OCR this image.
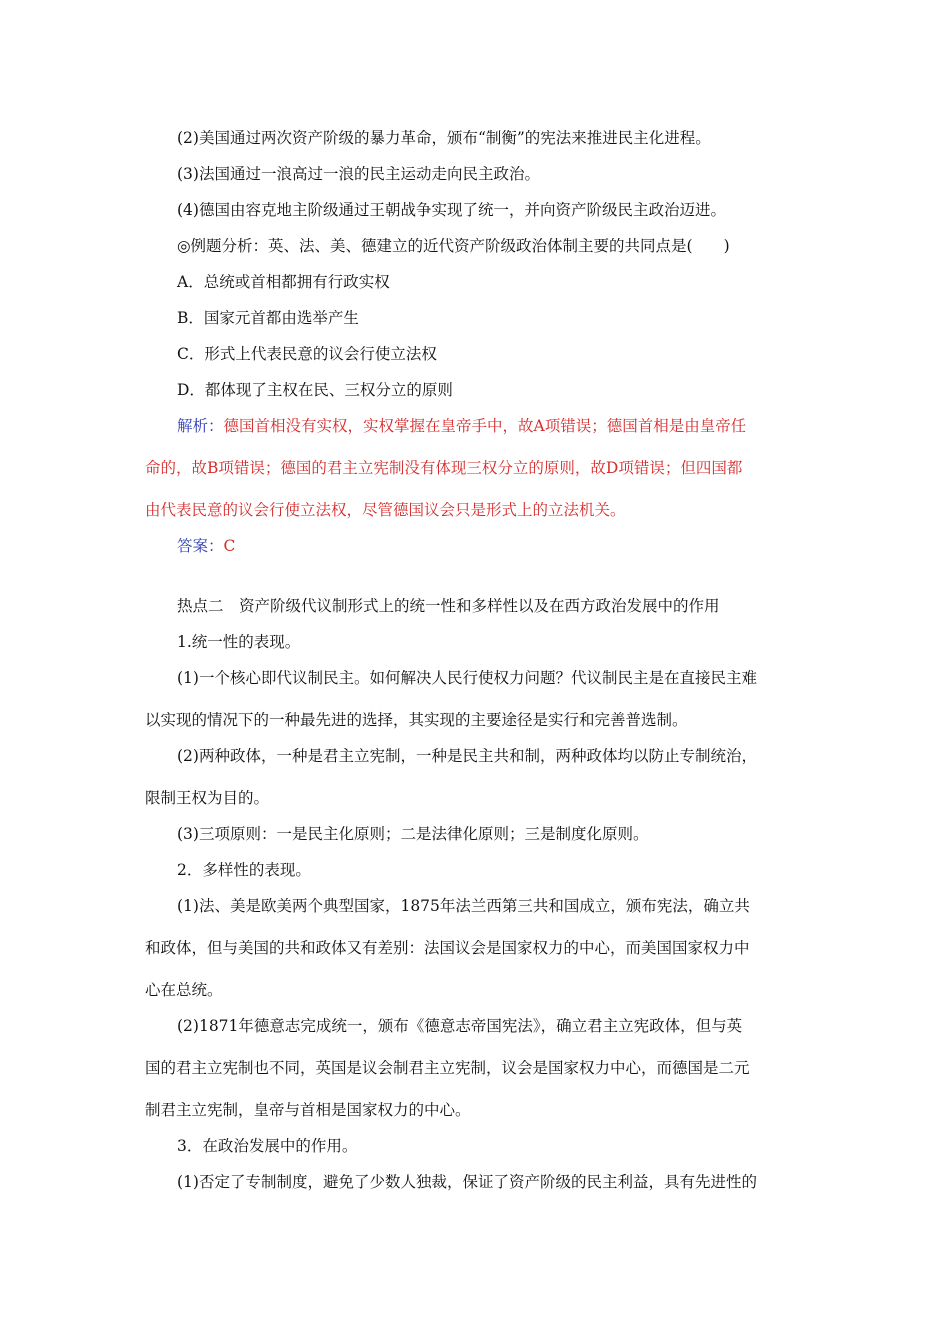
(2)美国通过两次资产阶级的暴力革命，颁布“制衡”的宪法来推进民主化进程。
(3)法国通过一浪高过一浪的民主运动走向民主政治。
(4)德国由容克地主阶级通过王朝战争实现了统一，并向资产阶级民主政治迈进。
◎例题分析：英、法、美、德建立的近代资产阶级政治体制主要的共同点是(　　)
A．总统或首相都拥有行政实权
B．国家元首都由选举产生
C．形式上代表民意的议会行使立法权
D．都体现了主权在民、三权分立的原则
解析：德国首相没有实权，实权掌握在皇帝手中，故A项错误；德国首相是由皇帝任
命的，故B项错误；德国的君主立宪制没有体现三权分立的原则，故D项错误；但四国都
由代表民意的议会行使立法权，尽管德国议会只是形式上的立法机关。
答案：C
热点二　资产阶级代议制形式上的统一性和多样性以及在西方政治发展中的作用
1.统一性的表现。
(1)一个核心即代议制民主。如何解决人民行使权力问题？代议制民主是在直接民主难
以实现的情况下的一种最先进的选择，其实现的主要途径是实行和完善普选制。
(2)两种政体，一种是君主立宪制，一种是民主共和制，两种政体均以防止专制统治，
限制王权为目的。
(3)三项原则：一是民主化原则；二是法律化原则；三是制度化原则。
2．多样性的表现。
(1)法、美是欧美两个典型国家，1875年法兰西第三共和国成立，颁布宪法，确立共
和政体，但与美国的共和政体又有差别：法国议会是国家权力的中心，而美国国家权力中
心在总统。
(2)1871年德意志完成统一，颁布《德意志帝国宪法》，确立君主立宪政体，但与英
国的君主立宪制也不同，英国是议会制君主立宪制，议会是国家权力中心，而德国是二元
制君主立宪制，皇帝与首相是国家权力的中心。
3．在政治发展中的作用。
(1)否定了专制制度，避免了少数人独裁，保证了资产阶级的民主利益，具有先进性的
